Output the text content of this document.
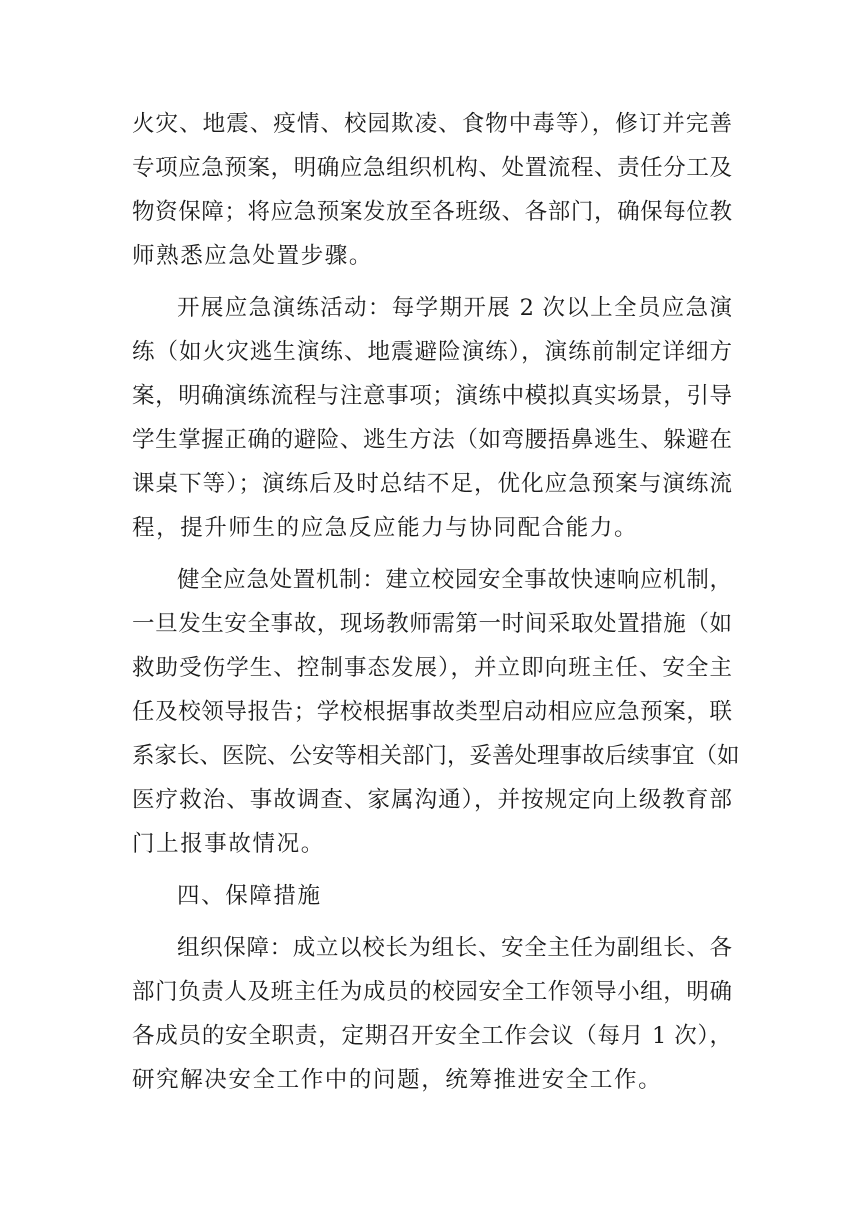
火灾、地震、疫情、校园欺凌、食物中毒等），修订并完善
专项应急预案，明确应急组织机构、处置流程、责任分工及
物资保障；将应急预案发放至各班级、各部门，确保每位教
师熟悉应急处置步骤。
开展应急演练活动：每学期开展 2 次以上全员应急演
练（如火灾逃生演练、地震避险演练），演练前制定详细方
案，明确演练流程与注意事项；演练中模拟真实场景，引导
学生掌握正确的避险、逃生方法（如弯腰捂鼻逃生、躲避在
课桌下等）；演练后及时总结不足，优化应急预案与演练流
程，提升师生的应急反应能力与协同配合能力。
健全应急处置机制：建立校园安全事故快速响应机制，
一旦发生安全事故，现场教师需第一时间采取处置措施（如
救助受伤学生、控制事态发展），并立即向班主任、安全主
任及校领导报告；学校根据事故类型启动相应应急预案，联
系家长、医院、公安等相关部门，妥善处理事故后续事宜（如
医疗救治、事故调查、家属沟通），并按规定向上级教育部
门上报事故情况。
四、保障措施
组织保障：成立以校长为组长、安全主任为副组长、各
部门负责人及班主任为成员的校园安全工作领导小组，明确
各成员的安全职责，定期召开安全工作会议（每月 1 次），
研究解决安全工作中的问题，统筹推进安全工作。
